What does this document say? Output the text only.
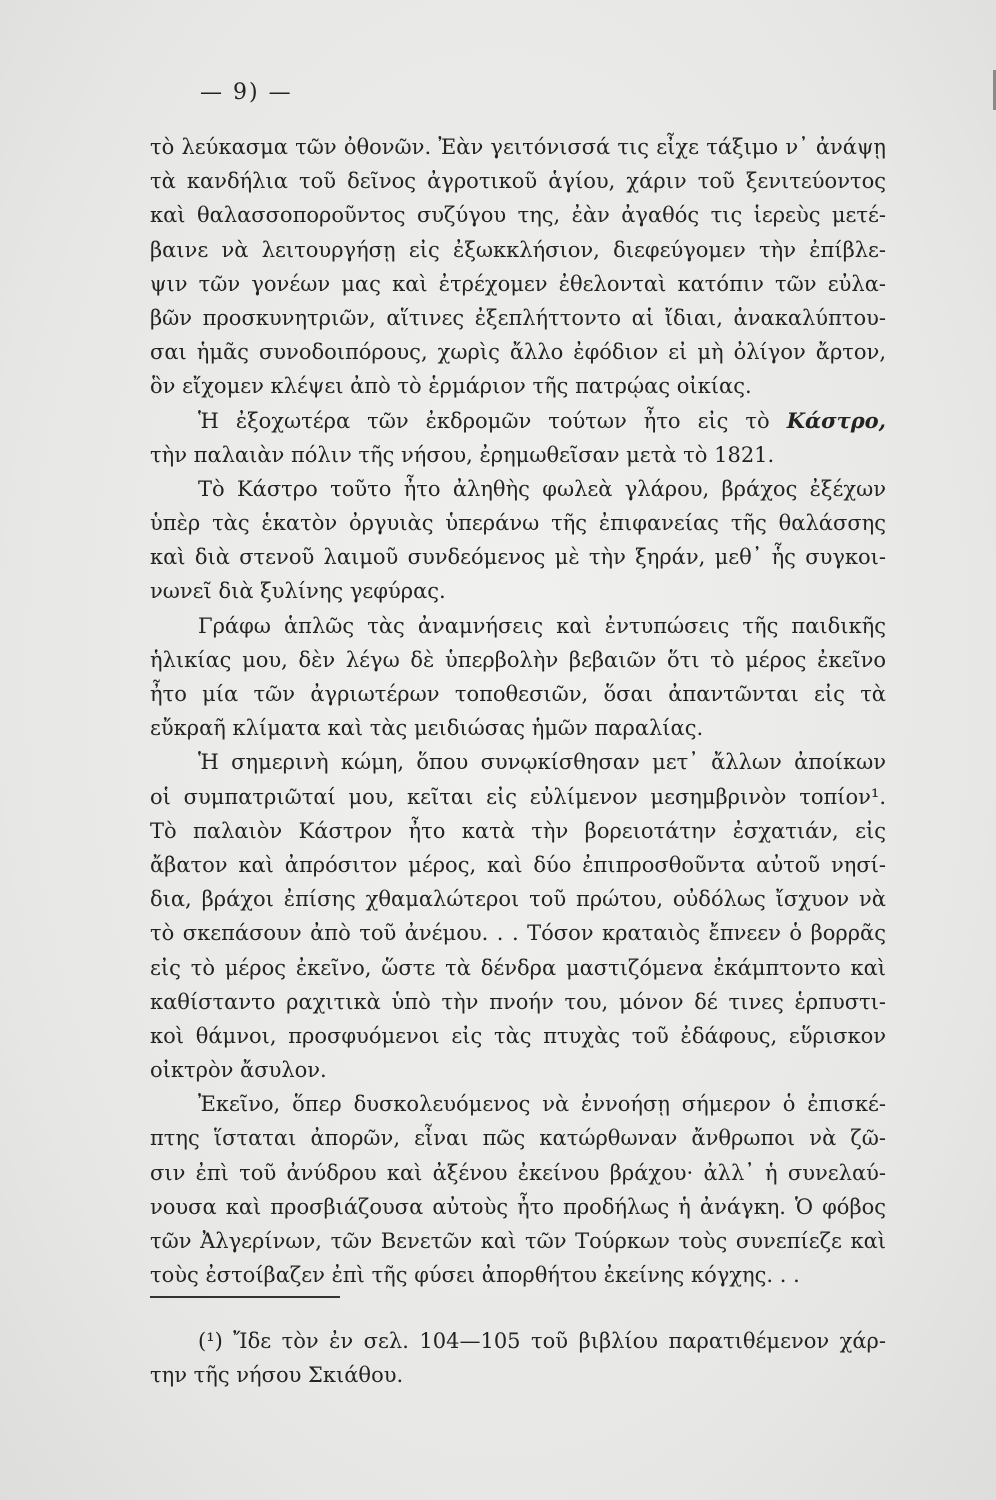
— 9) —
τὸ λεύκασμα τῶν ὀθονῶν. Ἐὰν γειτόνισσά τις εἶχε τάξιμο ν᾽ ἀνάψῃ
τὰ κανδήλια τοῦ δεῖνος ἀγροτικοῦ ἁγίου, χάριν τοῦ ξενιτεύοντος
καὶ θαλασσοποροῦντος συζύγου της, ἐὰν ἀγαθός τις ἱερεὺς μετέ-
βαινε νὰ λειτουργήσῃ εἰς ἐξωκκλήσιον, διεφεύγομεν τὴν ἐπίβλε-
ψιν τῶν γονέων μας καὶ ἐτρέχομεν ἐθελονταὶ κατόπιν τῶν εὐλα-
βῶν προσκυνητριῶν, αἵτινες ἐξεπλήττοντο αἱ ἴδιαι, ἀνακαλύπτου-
σαι ἡμᾶς συνοδοιπόρους, χωρὶς ἄλλο ἐφόδιον εἰ μὴ ὀλίγον ἄρτον,
ὃν εἴχομεν κλέψει ἀπὸ τὸ ἑρμάριον τῆς πατρῴας οἰκίας.
Ἡ ἐξοχωτέρα τῶν ἐκδρομῶν τούτων ἦτο εἰς τὸ Κάστρο,
τὴν παλαιὰν πόλιν τῆς νήσου, ἐρημωθεῖσαν μετὰ τὸ 1821.
Τὸ Κάστρο τοῦτο ἦτο ἀληθὴς φωλεὰ γλάρου, βράχος ἐξέχων
ὑπὲρ τὰς ἑκατὸν ὀργυιὰς ὑπεράνω τῆς ἐπιφανείας τῆς θαλάσσης
καὶ διὰ στενοῦ λαιμοῦ συνδεόμενος μὲ τὴν ξηράν, μεθ᾽ ἧς συγκοι-
νωνεῖ διὰ ξυλίνης γεφύρας.
Γράφω ἁπλῶς τὰς ἀναμνήσεις καὶ ἐντυπώσεις τῆς παιδικῆς
ἡλικίας μου, δὲν λέγω δὲ ὑπερβολὴν βεβαιῶν ὅτι τὸ μέρος ἐκεῖνο
ἦτο μία τῶν ἀγριωτέρων τοποθεσιῶν, ὅσαι ἀπαντῶνται εἰς τὰ
εὔκραῆ κλίματα καὶ τὰς μειδιώσας ἡμῶν παραλίας.
Ἡ σημερινὴ κώμη, ὅπου συνῳκίσθησαν μετ᾽ ἄλλων ἀποίκων
οἱ συμπατριῶταί μου, κεῖται εἰς εὐλίμενον μεσημβρινὸν τοπίον¹.
Τὸ παλαιὸν Κάστρον ἦτο κατὰ τὴν βορειοτάτην ἐσχατιάν, εἰς
ἄβατον καὶ ἀπρόσιτον μέρος, καὶ δύο ἐπιπροσθοῦντα αὐτοῦ νησί-
δια, βράχοι ἐπίσης χθαμαλώτεροι τοῦ πρώτου, οὐδόλως ἴσχυον νὰ
τὸ σκεπάσουν ἀπὸ τοῦ ἀνέμου. . . Τόσον κραταιὸς ἔπνεεν ὁ βορρᾶς
εἰς τὸ μέρος ἐκεῖνο, ὥστε τὰ δένδρα μαστιζόμενα ἐκάμπτοντο καὶ
καθίσταντο ραχιτικὰ ὑπὸ τὴν πνοήν του, μόνον δέ τινες ἑρπυστι-
κοὶ θάμνοι, προσφυόμενοι εἰς τὰς πτυχὰς τοῦ ἐδάφους, εὕρισκον
οἰκτρὸν ἄσυλον.
Ἐκεῖνο, ὅπερ δυσκολευόμενος νὰ ἐννοήσῃ σήμερον ὁ ἐπισκέ-
πτης ἵσταται ἀπορῶν, εἶναι πῶς κατώρθωναν ἄνθρωποι νὰ ζῶ-
σιν ἐπὶ τοῦ ἀνύδρου καὶ ἀξένου ἐκείνου βράχου· ἀλλ᾽ ἡ συνελαύ-
νουσα καὶ προσβιάζουσα αὐτοὺς ἦτο προδήλως ἡ ἀνάγκη. Ὁ φόβος
τῶν Ἀλγερίνων, τῶν Βενετῶν καὶ τῶν Τούρκων τοὺς συνεπίεζε καὶ
τοὺς ἐστοίβαζεν ἐπὶ τῆς φύσει ἀπορθήτου ἐκείνης κόγχης. . .
(¹) Ἴδε τὸν ἐν σελ. 104—105 τοῦ βιβλίου παρατιθέμενον χάρ-
την τῆς νήσου Σκιάθου.
